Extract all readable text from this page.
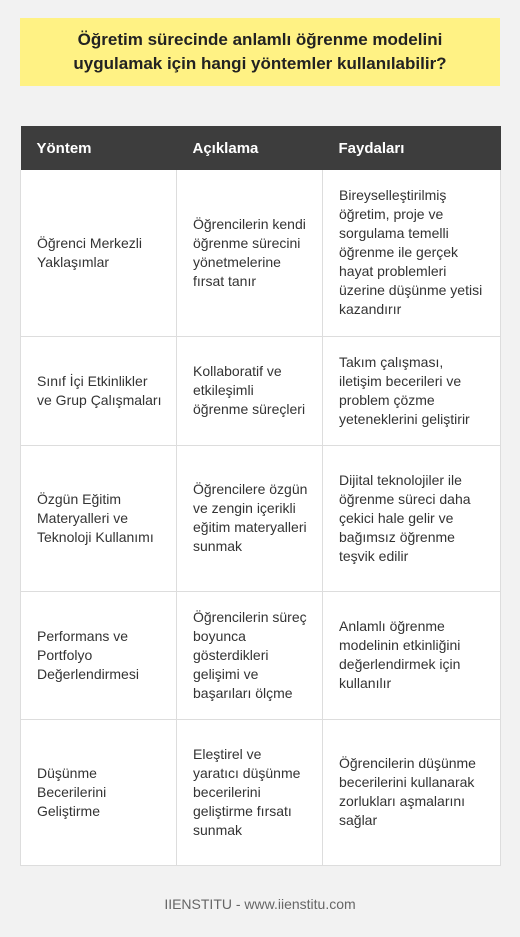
Öğretim sürecinde anlamlı öğrenme modelini uygulamak için hangi yöntemler kullanılabilir?
Yöntem	Açıklama	Faydaları
Öğrenci Merkezli Yaklaşımlar	Öğrencilerin kendi öğrenme sürecini yönetmelerine fırsat tanır	Bireyselleştirilmiş öğretim, proje ve sorgulama temelli öğrenme ile gerçek hayat problemleri üzerine düşünme yetisi kazandırır
Sınıf İçi Etkinlikler ve Grup Çalışmaları	Kollaboratif ve etkileşimli öğrenme süreçleri	Takım çalışması, iletişim becerileri ve problem çözme yeteneklerini geliştirir
Özgün Eğitim Materyalleri ve Teknoloji Kullanımı	Öğrencilere özgün ve zengin içerikli eğitim materyalleri sunmak	Dijital teknolojiler ile öğrenme süreci daha çekici hale gelir ve bağımsız öğrenme teşvik edilir
Performans ve Portfolyo Değerlendirmesi	Öğrencilerin süreç boyunca gösterdikleri gelişimi ve başarıları ölçme	Anlamlı öğrenme modelinin etkinliğini değerlendirmek için kullanılır
Düşünme Becerilerini Geliştirme	Eleştirel ve yaratıcı düşünme becerilerini geliştirme fırsatı sunmak	Öğrencilerin düşünme becerilerini kullanarak zorlukları aşmalarını sağlar
IIENSTITU - www.iienstitu.com
